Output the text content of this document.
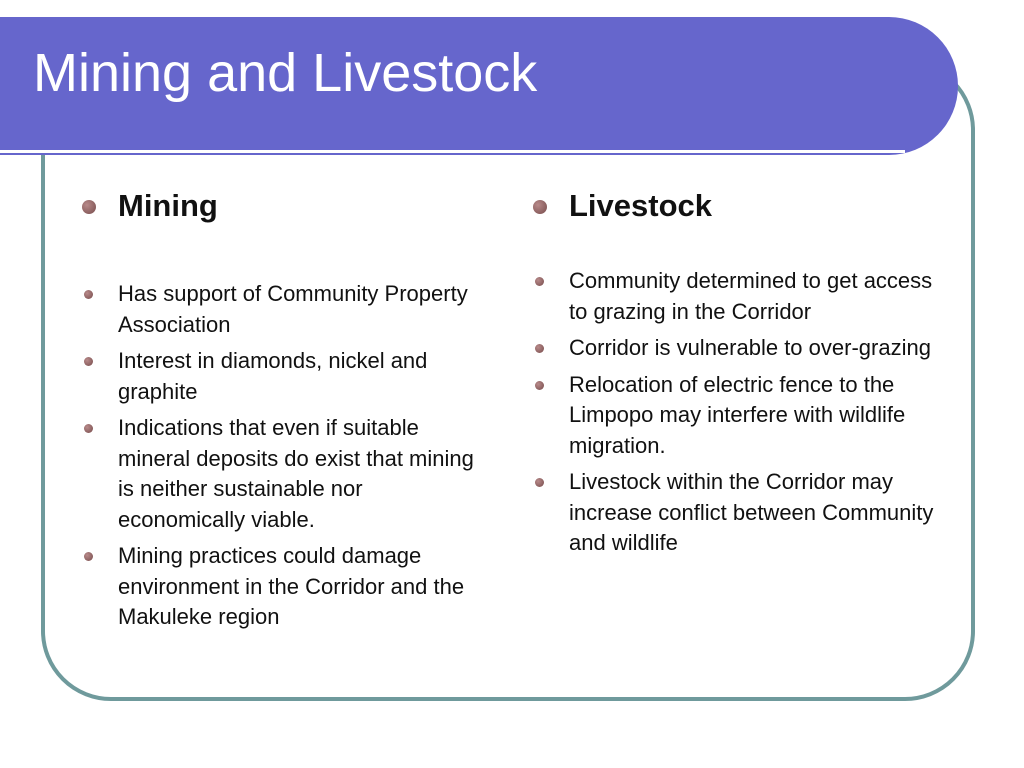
Mining and Livestock
Mining
Has support of Community Property Association
Interest in diamonds, nickel and graphite
Indications that even if suitable mineral deposits do exist that mining is neither sustainable nor economically viable.
Mining practices could damage environment in the Corridor and the Makuleke region
Livestock
Community determined to get access to grazing in the Corridor
Corridor is vulnerable to over-grazing
Relocation of electric fence to the Limpopo may interfere with wildlife migration.
Livestock within the Corridor may increase conflict between Community and wildlife
